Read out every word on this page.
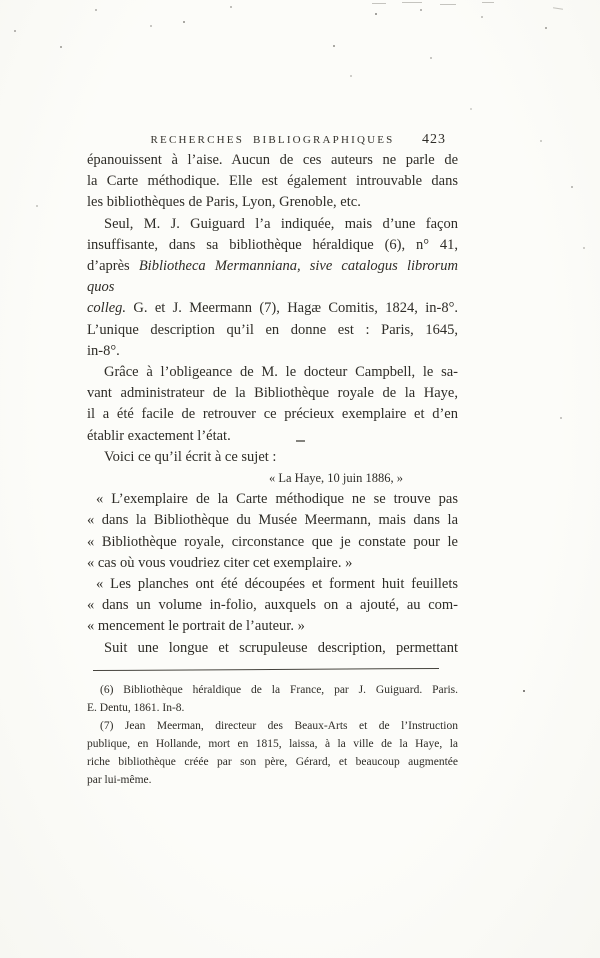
RECHERCHES BIBLIOGRAPHIQUES	423
épanouissent à l’aise. Aucun de ces auteurs ne parle de
la Carte méthodique. Elle est également introuvable dans
les bibliothèques de Paris, Lyon, Grenoble, etc.
Seul, M. J. Guiguard l’a indiquée, mais d’une façon
insuffisante, dans sa bibliothèque héraldique (6), n° 41,
d’après Bibliotheca Mermanniana, sive catalogus librorum quos
colleg. G. et J. Meermann (7), Hagæ Comitis, 1824, in-8°.
L’unique description qu’il en donne est : Paris, 1645,
in-8°.
Grâce à l’obligeance de M. le docteur Campbell, le sa-
vant administrateur de la Bibliothèque royale de la Haye,
il a été facile de retrouver ce précieux exemplaire et d’en
établir exactement l’état.
Voici ce qu’il écrit à ce sujet :
« La Haye, 10 juin 1886, »
« L’exemplaire de la Carte méthodique ne se trouve pas
« dans la Bibliothèque du Musée Meermann, mais dans la
« Bibliothèque royale, circonstance que je constate pour le
« cas où vous voudriez citer cet exemplaire. »
« Les planches ont été découpées et forment huit feuillets
« dans un volume in-folio, auxquels on a ajouté, au com-
« mencement le portrait de l’auteur. »
Suit une longue et scrupuleuse description, permettant
(6) Bibliothèque héraldique de la France, par J. Guiguard. Paris.
E. Dentu, 1861. In-8.
(7) Jean Meerman, directeur des Beaux-Arts et de l’Instruction
publique, en Hollande, mort en 1815, laissa, à la ville de la Haye, la
riche bibliothèque créée par son père, Gérard, et beaucoup augmentée
par lui-même.
